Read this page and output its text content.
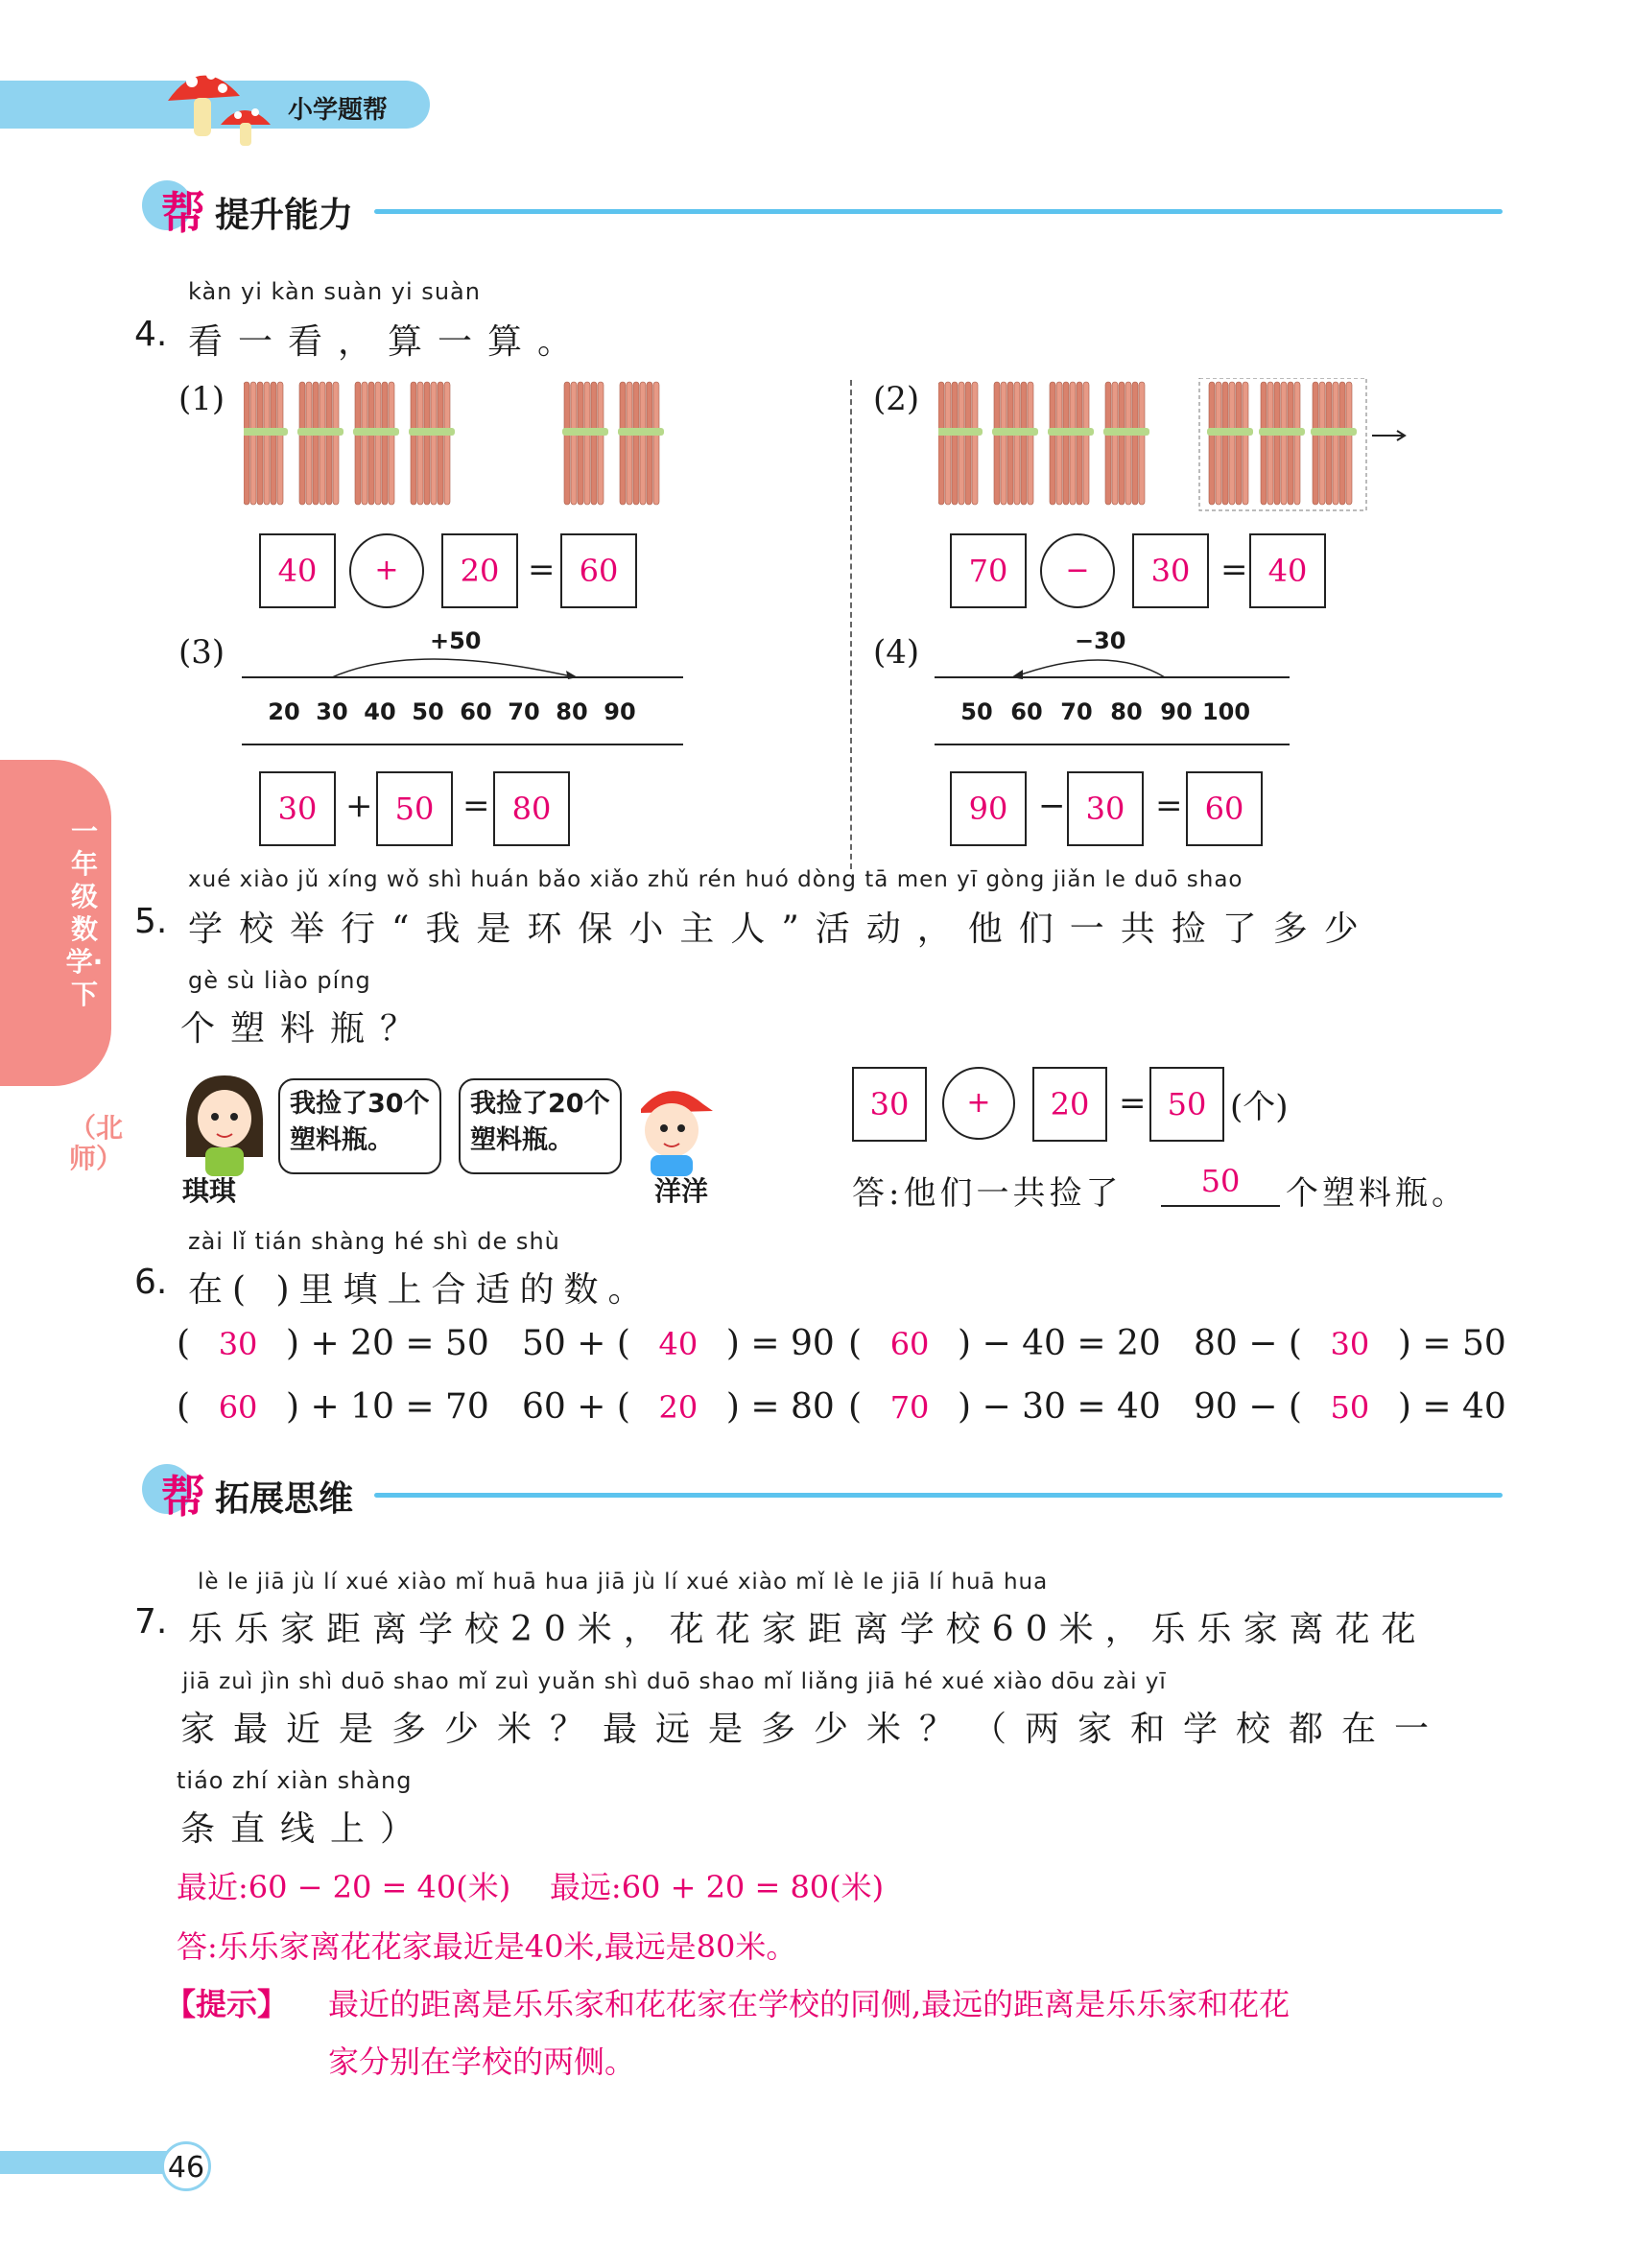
小学题帮
帮 提升能力
一年级数学·下
（北师）
kàn yi kàn suàn yi suàn
4. 看一看，算一算。
(1)
40	+	20 = 60
(2)
70	−	30 = 40
(3)	+50
20 30 40 50 60 70 80 90
30 + 50 = 80
(4)	−30
50 60 70 80 90 100
90 − 30 = 60
xué xiào jǔ xíng wǒ shì huán bǎo xiǎo zhǔ rén huó dòng tā men yī gòng jiǎn le duō shao
5. 学校举行“我是环保小主人”活动，他们一共捡了多少
gè sù liào píng
个塑料瓶？
我捡了30个塑料瓶。
琪琪
我捡了20个塑料瓶。
洋洋
30	+	20 = 50 (个)
答:他们一共捡了	50	个塑料瓶。
zài lǐ tián shàng hé shì de shù
6. 在( )里填上合适的数。
( 30 ) + 20 = 50 50 + ( 40 ) = 90 ( 60 ) − 40 = 20 80 − ( 30 ) = 50
( 60 ) + 10 = 70 60 + ( 20 ) = 80 ( 70 ) − 30 = 40 90 − ( 50 ) = 40
帮 拓展思维
lè le jiā jù lí xué xiào mǐ huā hua jiā jù lí xué xiào mǐ lè le jiā lí huā hua
7. 乐乐家距离学校20米，花花家距离学校60米，乐乐家离花花
jiā zuì jìn shì duō shao mǐ zuì yuǎn shì duō shao mǐ liǎng jiā hé xué xiào dōu zài yī
家最近是多少米？最远是多少米？（两家和学校都在一
tiáo zhí xiàn shàng
条直线上）
最近:60 − 20 = 40(米)    最远:60 + 20 = 80(米)
答:乐乐家离花花家最近是40米,最远是80米。
【提示】 最近的距离是乐乐家和花花家在学校的同侧,最远的距离是乐乐家和花花
家分别在学校的两侧。
46
